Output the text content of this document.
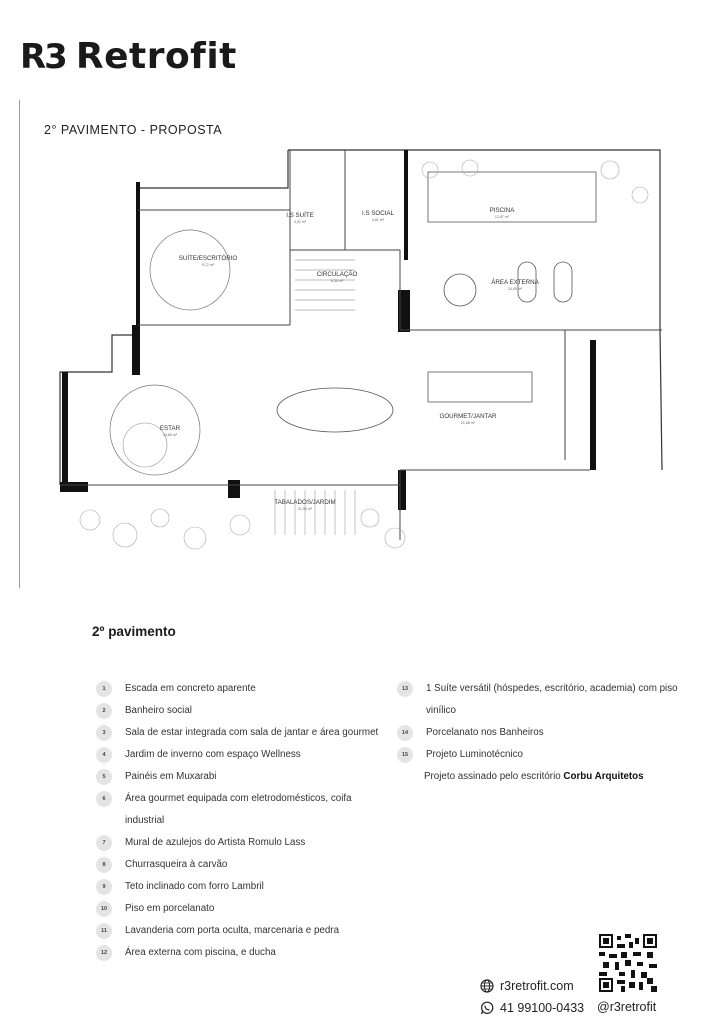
R3 Retrofit
2° PAVIMENTO - PROPOSTA
I.S SUÍTE
4,02 m²
I.S SOCIAL
4,81 m²
PISCINA
12,87 m²
SUÍTE/ESCRITÓRIO
9,72 m²
CIRCULAÇÃO
8,35 m²	ÁREA EXTERNA
24,45 m²
ESTAR
24,80 m²
GOURMET/JANTAR
21,68 m²
TABALADOS/JARDIM
21,95 m²
2º pavimento
1	Escada em concreto aparente
2	Banheiro social
3	Sala de estar integrada com sala de jantar e área gourmet
4	Jardim de inverno com espaço Wellness
5	Painéis em Muxarabi
6	Área gourmet equipada com eletrodomésticos, coifa industrial
7	Mural de azulejos do Artista Romulo Lass
8	Churrasqueira à carvão
9	Teto inclinado com forro Lambril
10	Piso em porcelanato
11	Lavanderia com porta oculta, marcenaria e pedra
12	Área externa com piscina, e ducha
13	1 Suíte versátil (hóspedes, escritório, academia) com piso vinílico
14	Porcelanato nos Banheiros
15	Projeto Luminotécnico
Projeto assinado pelo escritório Corbu Arquitetos
r3retrofit.com
41 99100-0433 @r3retrofit
